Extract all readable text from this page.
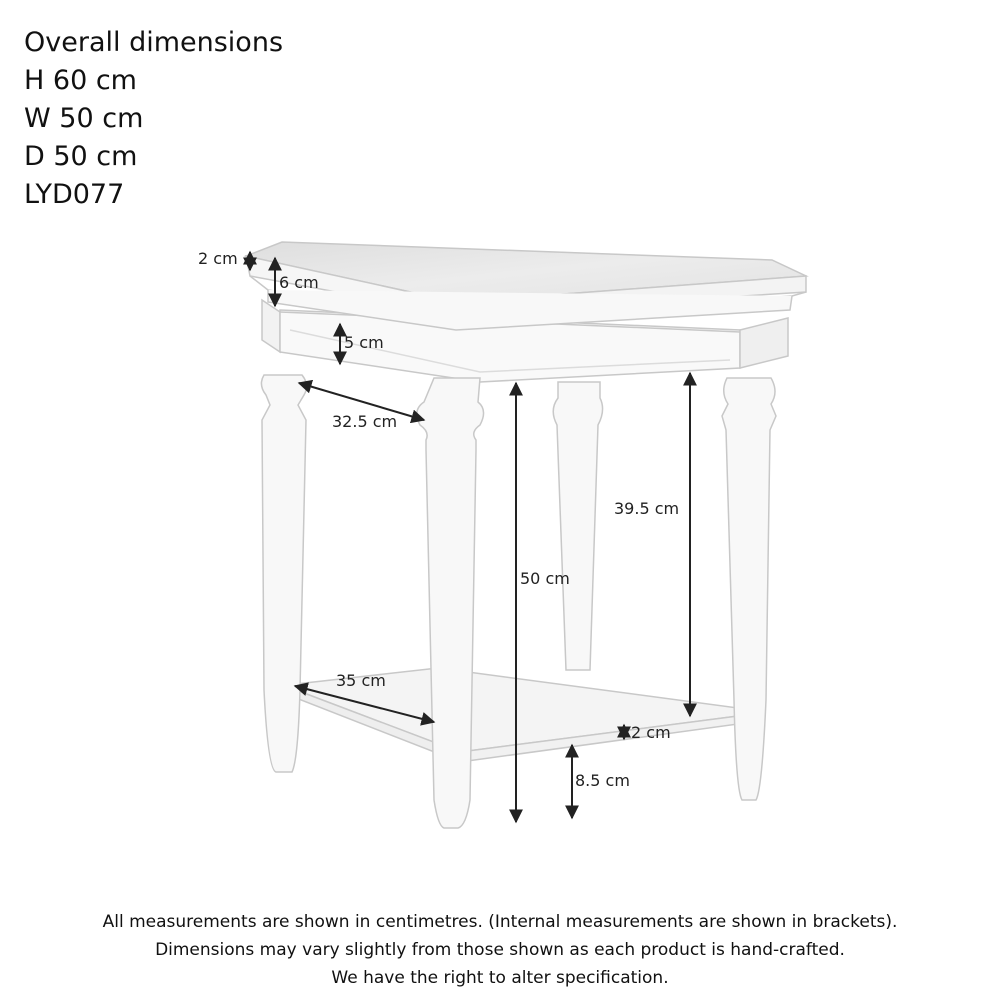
Overall dimensions
H 60 cm
W 50 cm
D 50 cm
LYD077
2 cm
6 cm
5 cm
32.5 cm
39.5 cm
50 cm
35 cm
2 cm
8.5 cm
All measurements are shown in centimetres. (Internal measurements are shown in brackets).
Dimensions may vary slightly from those shown as each product is hand-crafted.
We have the right to alter specification.
